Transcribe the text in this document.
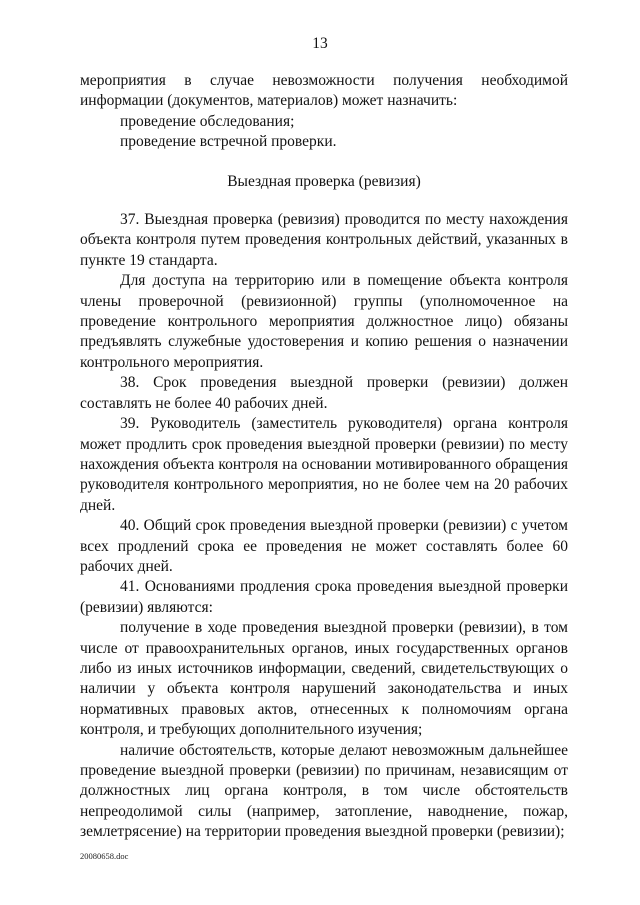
13

мероприятия в случае невозможности получения необходимой информации (документов, материалов) может назначить:

проведение обследования;

проведение встречной проверки.

Выездная проверка (ревизия)

37. Выездная проверка (ревизия) проводится по месту нахождения объекта контроля путем проведения контрольных действий, указанных в пункте 19 стандарта.

Для доступа на территорию или в помещение объекта контроля члены проверочной (ревизионной) группы (уполномоченное на проведение контрольного мероприятия должностное лицо) обязаны предъявлять служебные удостоверения и копию решения о назначении контрольного мероприятия.

38. Срок проведения выездной проверки (ревизии) должен составлять не более 40 рабочих дней.

39. Руководитель (заместитель руководителя) органа контроля может продлить срок проведения выездной проверки (ревизии) по месту нахождения объекта контроля на основании мотивированного обращения руководителя контрольного мероприятия, но не более чем на 20 рабочих дней.

40. Общий срок проведения выездной проверки (ревизии) с учетом всех продлений срока ее проведения не может составлять более 60 рабочих дней.

41. Основаниями продления срока проведения выездной проверки (ревизии) являются:

получение в ходе проведения выездной проверки (ревизии), в том числе от правоохранительных органов, иных государственных органов либо из иных источников информации, сведений, свидетельствующих о наличии у объекта контроля нарушений законодательства и иных нормативных правовых актов, отнесенных к полномочиям органа контроля, и требующих дополнительного изучения;

наличие обстоятельств, которые делают невозможным дальнейшее проведение выездной проверки (ревизии) по причинам, независящим от должностных лиц органа контроля, в том числе обстоятельств непреодолимой силы (например, затопление, наводнение, пожар, землетрясение) на территории проведения выездной проверки (ревизии);

20080658.doc
